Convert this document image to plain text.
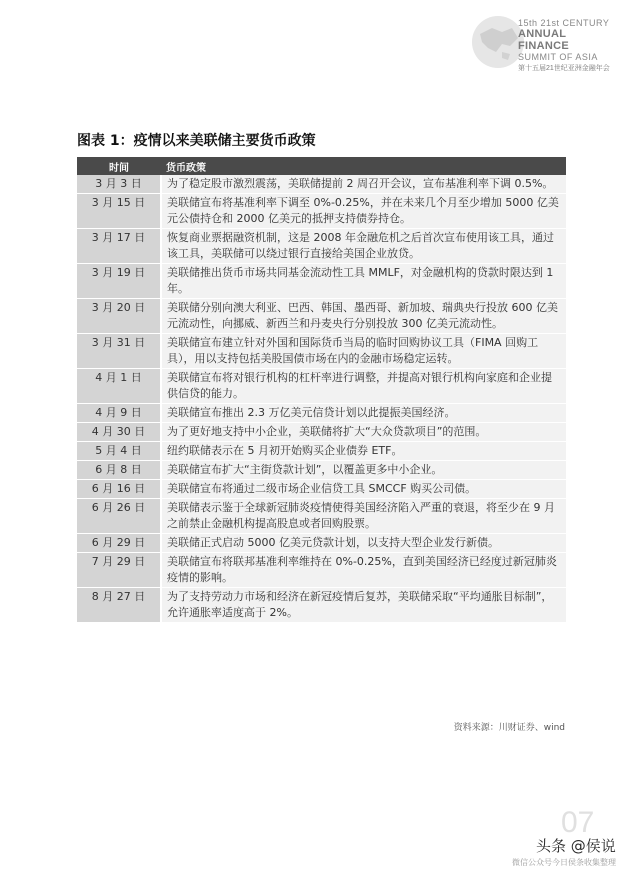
15th 21st CENTURY
ANNUAL FINANCE
SUMMIT OF ASIA
第十五届21世纪亚洲金融年会
图表 1：疫情以来美联储主要货币政策
时间	货币政策
3 月 3 日	为了稳定股市激烈震荡，美联储提前 2 周召开会议，宣布基准利率下调 0.5%。
3 月 15 日	美联储宣布将基准利率下调至 0%-0.25%，并在未来几个月至少增加 5000 亿美元公债持仓和 2000 亿美元的抵押支持债券持仓。
3 月 17 日	恢复商业票据融资机制，这是 2008 年金融危机之后首次宣布使用该工具，通过该工具，美联储可以绕过银行直接给美国企业放贷。
3 月 19 日	美联储推出货币市场共同基金流动性工具 MMLF，对金融机构的贷款时限达到 1 年。
3 月 20 日	美联储分别向澳大利亚、巴西、韩国、墨西哥、新加坡、瑞典央行投放 600 亿美元流动性，向挪威、新西兰和丹麦央行分别投放 300 亿美元流动性。
3 月 31 日	美联储宣布建立针对外国和国际货币当局的临时回购协议工具（FIMA 回购工具），用以支持包括美股国债市场在内的金融市场稳定运转。
4 月 1 日	美联储宣布将对银行机构的杠杆率进行调整，并提高对银行机构向家庭和企业提供信贷的能力。
4 月 9 日	美联储宣布推出 2.3 万亿美元信贷计划以此提振美国经济。
4 月 30 日	为了更好地支持中小企业，美联储将扩大“大众贷款项目”的范围。
5 月 4 日	纽约联储表示在 5 月初开始购买企业债券 ETF。
6 月 8 日	美联储宣布扩大“主街贷款计划”，以覆盖更多中小企业。
6 月 16 日	美联储宣布将通过二级市场企业信贷工具 SMCCF 购买公司债。
6 月 26 日	美联储表示鉴于全球新冠肺炎疫情使得美国经济陷入严重的衰退，将至少在 9 月之前禁止金融机构提高股息或者回购股票。
6 月 29 日	美联储正式启动 5000 亿美元贷款计划，以支持大型企业发行新债。
7 月 29 日	美联储宣布将联邦基准利率维持在 0%-0.25%，直到美国经济已经度过新冠肺炎疫情的影响。
8 月 27 日	为了支持劳动力市场和经济在新冠疫情后复苏，美联储采取“平均通胀目标制”，允许通胀率适度高于 2%。
资料来源：川财证券、wind
07
头条 @侯说
微信公众号今日侯条收集整理
